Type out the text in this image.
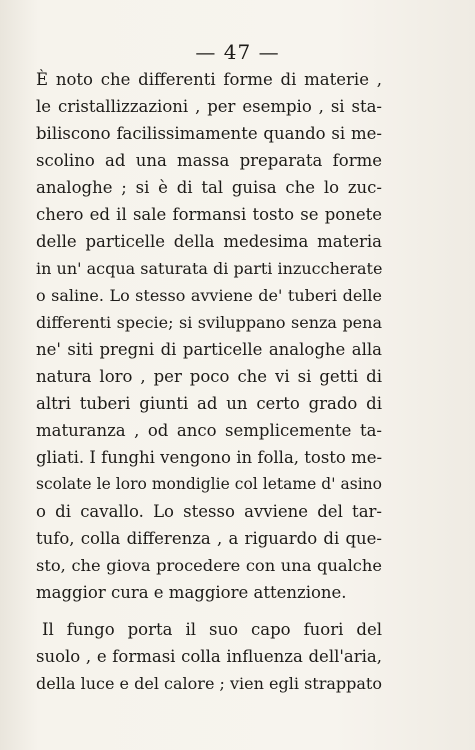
— 47 —
È noto che differenti forme di materie ,
le cristallizzazioni , per esempio , si sta-
biliscono facilissimamente quando si me-
scolino ad una massa preparata forme
analoghe ; si è di tal guisa che lo zuc-
chero ed il sale formansi tosto se ponete
delle particelle della medesima materia
in un' acqua saturata di parti inzuccherate
o saline. Lo stesso avviene de' tuberi delle
differenti specie; si sviluppano senza pena
ne' siti pregni di particelle analoghe alla
natura loro , per poco che vi si getti di
altri tuberi giunti ad un certo grado di
maturanza , od anco semplicemente ta-
gliati. I funghi vengono in folla, tosto me-
scolate le loro mondiglie col letame d' asino
o di cavallo. Lo stesso avviene del tar-
tufo, colla differenza , a riguardo di que-
sto, che giova procedere con una qualche
maggior cura e maggiore attenzione.
Il fungo porta il suo capo fuori del
suolo , e formasi colla influenza dell'aria,
della luce e del calore ; vien egli strappato
